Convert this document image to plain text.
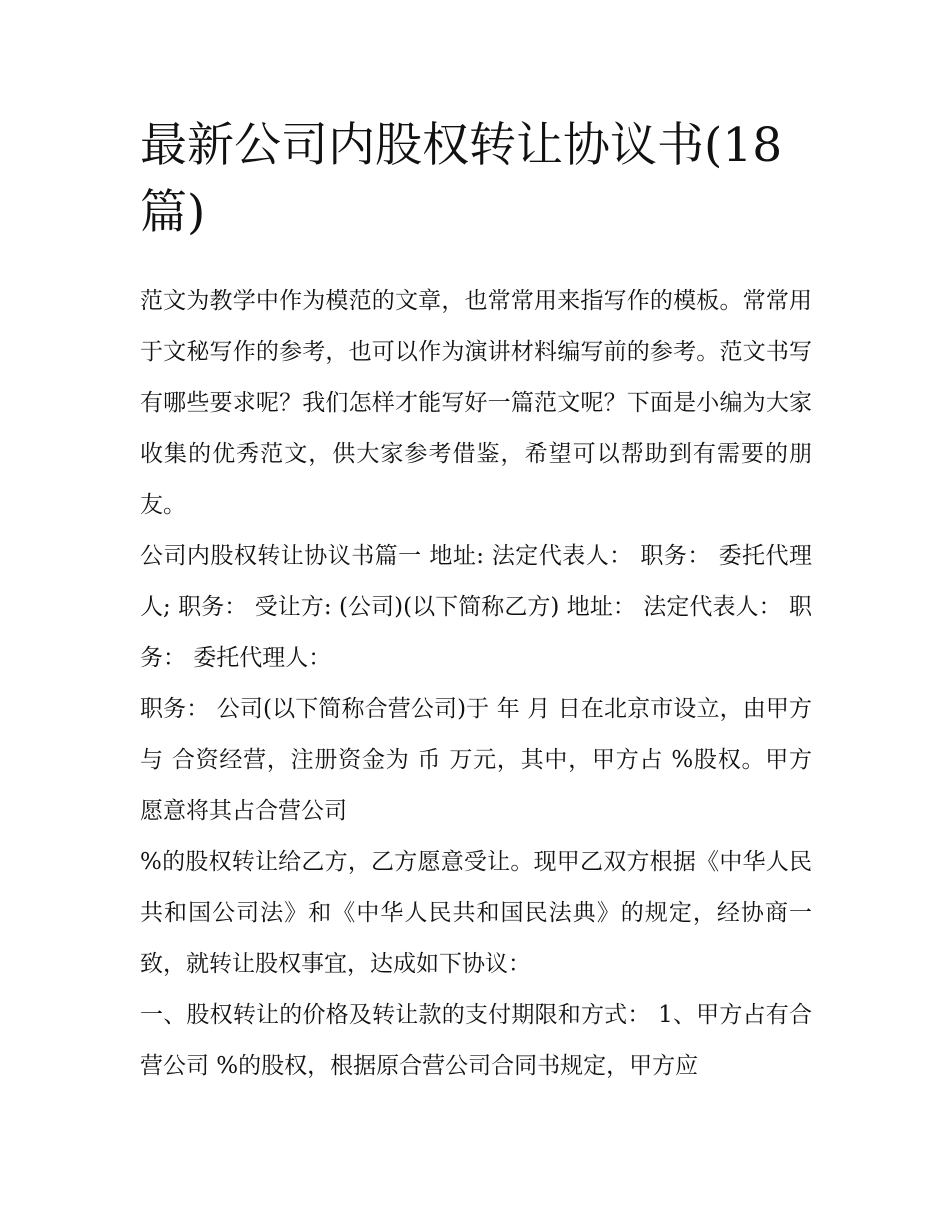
最新公司内股权转让协议书(18篇)

范文为教学中作为模范的文章，也常常用来指写作的模板。常常用于文秘写作的参考，也可以作为演讲材料编写前的参考。范文书写有哪些要求呢？我们怎样才能写好一篇范文呢？下面是小编为大家收集的优秀范文，供大家参考借鉴，希望可以帮助到有需要的朋友。

公司内股权转让协议书篇一 地址: 法定代表人： 职务： 委托代理人; 职务： 受让方: (公司)(以下简称乙方) 地址： 法定代表人： 职务： 委托代理人：

职务： 公司(以下简称合营公司)于 年 月 日在北京市设立，由甲方与 合资经营，注册资金为 币 万元，其中，甲方占 %股权。甲方愿意将其占合营公司

%的股权转让给乙方，乙方愿意受让。现甲乙双方根据《中华人民共和国公司法》和《中华人民共和国民法典》的规定，经协商一致，就转让股权事宜，达成如下协议：

一、股权转让的价格及转让款的支付期限和方式： 1、甲方占有合营公司 %的股权，根据原合营公司合同书规定，甲方应
